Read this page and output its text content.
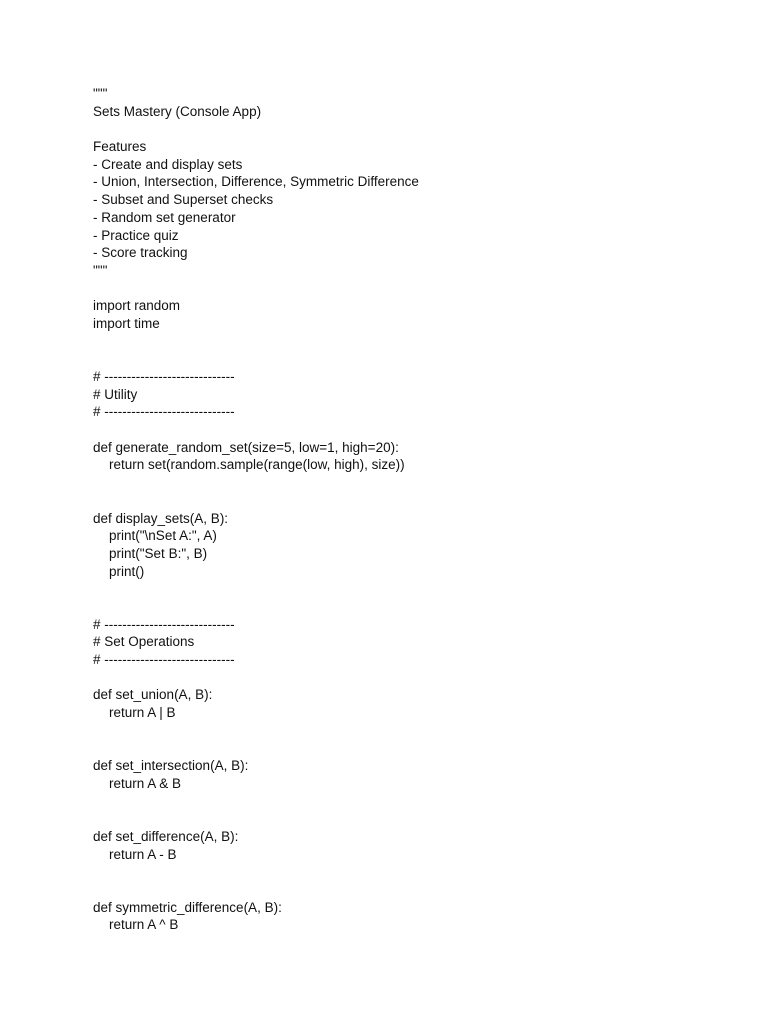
"""
Sets Mastery (Console App)
Features
- Create and display sets
- Union, Intersection, Difference, Symmetric Difference
- Subset and Superset checks
- Random set generator
- Practice quiz
- Score tracking
"""
import random
import time
# -----------------------------
# Utility
# -----------------------------
def generate_random_set(size=5, low=1, high=20):
return set(random.sample(range(low, high), size))
def display_sets(A, B):
print("\nSet A:", A)
print("Set B:", B)
print()
# -----------------------------
# Set Operations
# -----------------------------
def set_union(A, B):
return A | B
def set_intersection(A, B):
return A & B
def set_difference(A, B):
return A - B
def symmetric_difference(A, B):
return A ^ B
